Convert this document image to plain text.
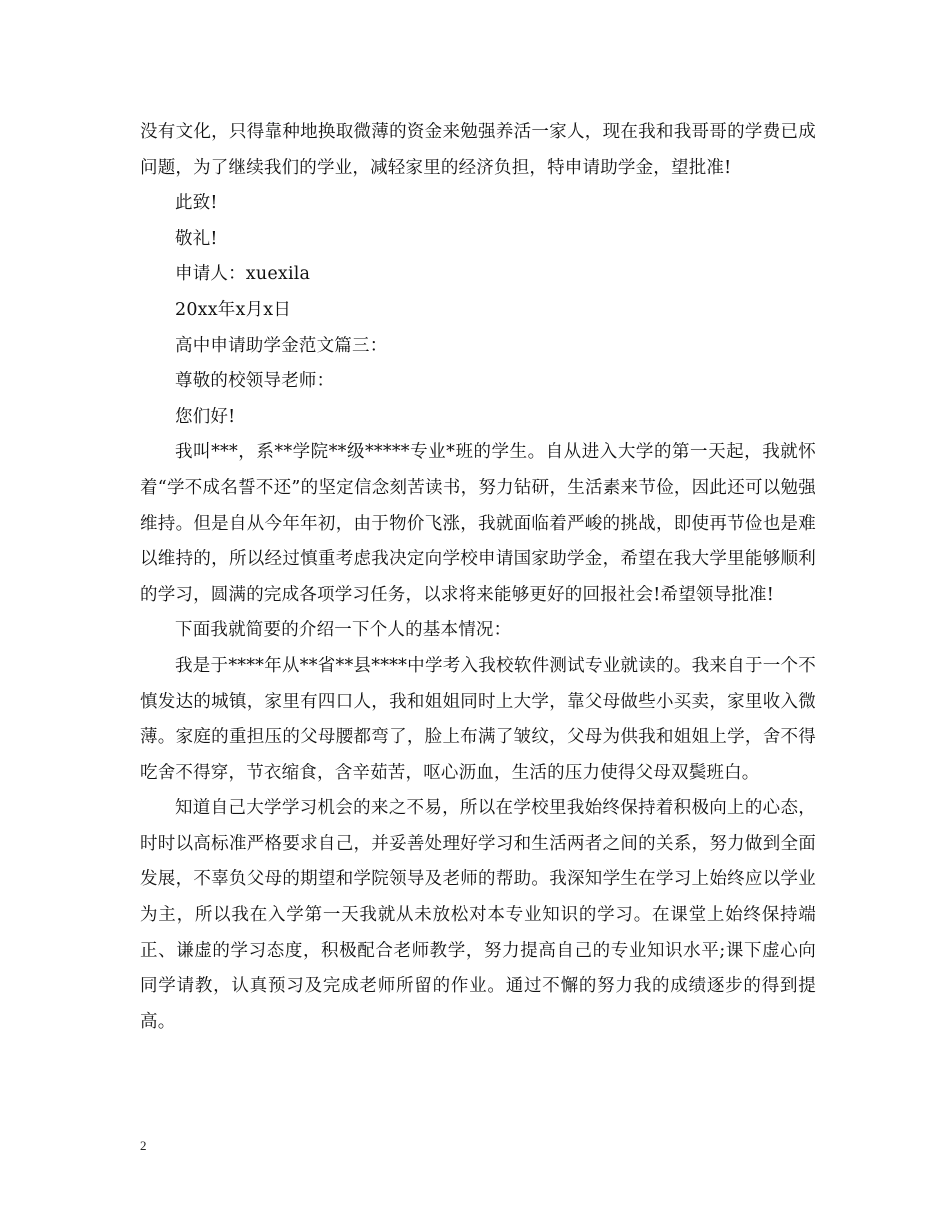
没有文化，只得靠种地换取微薄的资金来勉强养活一家人，现在我和我哥哥的学费已成问题，为了继续我们的学业，减轻家里的经济负担，特申请助学金，望批准!

此致!

敬礼!

申请人：xuexila

20xx年x月x日

高中申请助学金范文篇三：

尊敬的校领导老师：

您们好!

我叫***，系**学院**级*****专业*班的学生。自从进入大学的第一天起，我就怀着“学不成名誓不还”的坚定信念刻苦读书，努力钻研，生活素来节俭，因此还可以勉强维持。但是自从今年年初，由于物价飞涨，我就面临着严峻的挑战，即使再节俭也是难以维持的，所以经过慎重考虑我决定向学校申请国家助学金，希望在我大学里能够顺利的学习，圆满的完成各项学习任务，以求将来能够更好的回报社会!希望领导批准!

下面我就简要的介绍一下个人的基本情况：

我是于****年从**省**县****中学考入我校软件测试专业就读的。我来自于一个不慎发达的城镇，家里有四口人，我和姐姐同时上大学，靠父母做些小买卖，家里收入微薄。家庭的重担压的父母腰都弯了，脸上布满了皱纹，父母为供我和姐姐上学，舍不得吃舍不得穿，节衣缩食，含辛茹苦，呕心沥血，生活的压力使得父母双鬓班白。

知道自己大学学习机会的来之不易，所以在学校里我始终保持着积极向上的心态，时时以高标准严格要求自己，并妥善处理好学习和生活两者之间的关系，努力做到全面发展，不辜负父母的期望和学院领导及老师的帮助。我深知学生在学习上始终应以学业为主，所以我在入学第一天我就从未放松对本专业知识的学习。在课堂上始终保持端正、谦虚的学习态度，积极配合老师教学，努力提高自己的专业知识水平;课下虚心向同学请教，认真预习及完成老师所留的作业。通过不懈的努力我的成绩逐步的得到提高。

2
